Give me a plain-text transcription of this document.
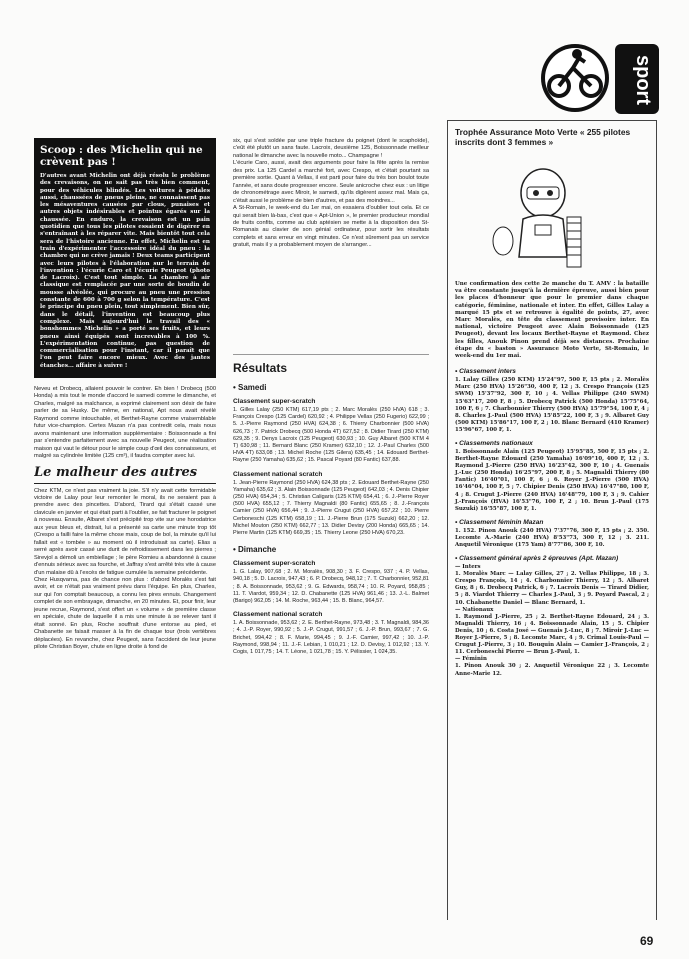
sport
Scoop : des Michelin qui ne crèvent pas !

D'autres avant Michelin ont déjà résolu le problème des crevaisons, on ne sait pas très bien comment, pour des véhicules blindés. Les voitures à pédales aussi, chaussées de pneus pleins, ne connaissent pas les mésaventures causées par clous, punaises et autres objets indésirables et pointus égarés sur la chaussée. En enduro, la crevaison est un pain quotidien que tous les pilotes essaient de digérer en s'entraînant à les réparer vite. Mais bientôt tout cela sera de l'histoire ancienne. En effet, Michelin est en train d'expérimenter l'accessoire idéal du pneu : la chambre qui ne crève jamais ! Deux teams participent avec leurs pilotes à l'élaboration sur le terrain de l'invention : l'écurie Caro et l'écurie Peugeot (photo de Lacroix). C'est tout simple. La chambre à air classique est remplacée par une sorte de boudin de mousse alvéolée, qui procure au pneu une pression constante de 600 à 700 g selon la température. C'est le principe du pneu plein, tout simplement. Bien sûr, dans le détail, l'invention est beaucoup plus complexe. Mais aujourd'hui le travail des « bonshommes Michelin » a porté ses fruits, et leurs pneus ainsi équipés sont increvables à 100 %. L'expérimentation continue, pas question de commercialisation pour l'instant, car il paraît que l'on peut faire encore mieux. Avec des jantes étanches... affaire à suivre !

Neveu et Drobecq, allaient pouvoir le contrer. Eh bien ! Drobecq (500 Honda) a mis tout le monde d'accord le samedi comme le dimanche, et Charles, malgré sa malchance, a exprimé clairement son désir de faire parler de sa Husky. De même, en national, Apt nous avait révélé Raymond comme intouchable, et Berthet-Rayne comme vraisemblable futur vice-champion. Certes Mazan n'a pas contredit cela, mais nous avons maintenant une information supplémentaire : Boissonnade a fini par s'entendre parfaitement avec sa nouvelle Peugeot, une réalisation maison qui vaut le détour pour le simple coup d'œil des connaisseurs, et malgré sa cylindrée limitée (125 cm³), il faudra compter avec lui.

Le malheur des autres

Chez KTM, ce n'est pas vraiment la joie. S'il n'y avait cette formidable victoire de Lalay pour leur remonter le moral, ils ne seraient pas à prendre avec des pincettes. D'abord, Tirard qui s'était cassé une clavicule en janvier et qui était parti à l'oublier, se fait fracturer le poignet à nouveau. Ensuite, Albaret s'est précipité trop vite sur une horodatrice aux yeux bleus et, distrait, lui a présenté sa carte une minute trop tôt (Crespo a failli faire la même chose mais, coup de bol, la minute qu'il lui fallait est « tombée » au moment où il introduisait sa carte). Elias a serré après avoir cassé une durit de refroidissement dans les pierres ; Sirevjol a démoli un embiellage ; le père Romieu a abandonné à cause d'ennuis sérieux avec sa fourche, et Jaffray s'est arrêté très vite à cause d'un malaise dû à l'excès de fatigue cumulée la semaine précédente.
Chez Husqvarna, pas de chance non plus : d'abord Moralès s'est fait avoir, et ce n'était pas vraiment prévu dans l'équipe. En plus, Charles, sur qui l'on comptait beaucoup, a connu les pires ennuis. Changement complet de son embrayage, dimanche, en 20 minutes. Et, pour finir, leur jeune recrue, Raymond, s'est offert un « volume » de première classe en spéciale, chute de laquelle il a mis une minute à se relever tant il était sonné. En plus, Roche souffrait d'une entorse au pied, et Chabanette se faisait masser à la fin de chaque tour (trois vertèbres déplacées). En revanche, chez Peugeot, sans l'accident de leur jeune pilote Christian Boyer, chute en ligne droite à fond de

six, qui s'est soldée par une triple fracture du poignet (dont le scaphoïde), c'eût été plutôt un sans faute. Lacroix, deuxième 125, Boissonnade meilleur national le dimanche avec la nouvelle moto... Champagne !
L'écurie Caro, aussi, avait des arguments pour faire la fête après la remise des prix. La 125 Cardel a marché fort, avec Crespo, et c'était pourtant sa première sortie. Quant à Vellas, il est parti pour faire du très bon boulot toute l'année, et sans doute progresser encore. Seule anicroche chez eux : un litige de chronométrage avec Miroir, le samedi, qu'ils digèrent assez mal. Mais ça, c'était aussi le problème de bien d'autres, et pas des moindres...
A St-Romain, le week-end du 1er mai, on essaiera d'oublier tout cela. Et ce qui serait bien là-bas, c'est que « Apt-Union », le premier producteur mondial de fruits confits, comme au club aptésien se mette à la disposition des St-Romanais au clavier de son génial ordinateur, pour sortir les résultats complets et sans erreur en vingt minutes. Ce n'est sûrement pas un service gratuit, mais il y a probablement moyen de s'arranger...

Résultats
• Samedi
Classement super-scratch

1. Gilles Lalay (250 KTM) 617,19 pts ; 2. Marc Moralès (250 HVA) 618 ; 3. François Crespo (125 Cardel) 620,92 ; 4. Philippe Vellas (250 Fugerio) 622,99 ; 5. J.-Pierre Raymond (250 HVA) 624,38 ; 6. Thierry Charbonnier (500 HVA) 626,73 ; 7. Patrick Drobecq (500 Honda 4T) 627,52 ; 8. Didier Tirard (250 KTM) 629,35 ; 9. Denys Lacroix (125 Peugeot) 630,93 ; 10. Guy Albaret (500 KTM 4 T) 630,98 ; 11. Bernard Blanc (250 Kramer) 632,10 ; 12. J.-Paul Charles (500 HVA 4T) 633,08 ; 13. Michel Roche (125 Gilera) 635,45 ; 14. Edouard Berthet-Rayne (250 Yamaha) 635,62 ; 15. Pascal Poyard (80 Fantic) 637,88.

Classement national scratch

1. Jean-Pierre Raymond (250 HVA) 624,38 pts ; 2. Edouard Berthet-Rayne (250 Yamaha) 635,62 ; 3. Alain Boissonnade (125 Peugeot) 642,03 ; 4. Denis Chipier (250 HVA) 654,34 ; 5. Christian Caligaris (125 KTM) 654,41 ; 6. J.-Pierre Royer (500 HVA) 655,12 ; 7. Thierry Magnaldi (80 Fantic) 655,65 ; 8. J.-François Camier (250 HVA) 656,44 ; 9. J.-Pierre Crugut (250 HVA) 657,22 ; 10. Pierre Cerboneschi (125 KTM) 658,19 ; 11. J.-Pierre Brun (175 Suzuki) 662,20 ; 12. Michel Mouton (250 KTM) 662,77 ; 13. Didier Devisy (200 Honda) 665,65 ; 14. Pierre Martin (125 KTM) 669,35 ; 15. Thierry Leone (250 HVA) 670,23.

• Dimanche
Classement super-scratch

1. G. Lalay, 907,68 ; 2. M. Moralès, 908,30 ; 3. F. Crespo, 937 ; 4. P. Vellas, 940,18 ; 5. D. Lacroix, 947,43 ; 6. P. Drobecq, 948,12 ; 7. T. Charbonnier, 952,81 ; 8. A. Boissonnade, 953,62 ; 9. G. Edwards, 958,74 ; 10. R. Poyard, 958,85 ; 11. T. Viardot, 959,34 ; 12. D. Chabanette (125 HVA) 961,46 ; 13. J.-L. Balmet (Barigo) 962,05 ; 14. M. Roche, 963,44 ; 15. B. Blanc, 964,57.

Classement national scratch

1. A. Boissonnade, 953,62 ; 2. E. Berthet-Rayne, 973,48 ; 3. T. Magnaldi, 984,36 ; 4. J.-P. Royer, 990,92 ; 5. J.-P. Crugut, 991,57 ; 6. J.-P. Brun, 993,67 ; 7. G. Brichet, 994,42 ; 8. F. Marie, 994,45 ; 9. J.-F. Camier, 997,42 ; 10. J.-P. Raymond, 998,94 ; 11. J.-F. Lebian, 1 010,21 ; 12. D. Devisy, 1 012,92 ; 13. Y. Cogis, 1 017,75 ; 14. T. Léone, 1 021,78 ; 15. Y. Pélissier, 1 024,35.

Trophée Assurance Moto Verte « 255 pilotes inscrits dont 3 femmes »

Une confirmation des cette 2e manche du T. AMV : la bataille va être constante jusqu'à la dernière épreuve, aussi bien pour les places d'honneur que pour le premier dans chaque catégorie, féminine, nationale et inter. En effet, Gilles Lalay a marqué 15 pts et se retrouve à égalité de points, 27, avec Marc Moralès, en tête du classement provisoire inter. En national, victoire Peugeot avec Alain Boissonnade (125 Peugeot), devant les locaux Berthet-Rayne et Raymond. Chez les filles, Anouk Pinon prend déjà ses distances. Prochaine étape du « baston » Assurance Moto Verte, St-Romain, le week-end du 1er mai.

• Classement inters

1. Lalay Gilles (250 KTM) 15'24"97, 500 F, 15 pts ; 2. Moralès Marc (250 HVA) 15'26"30, 400 F, 12 ; 3. Crespo François (125 SWM) 15'37"92, 300 F, 10 ; 4. Vellas Philippe (240 SWM) 15'63"17, 200 F, 8 ; 5. Drobecq Patrick (500 Honda) 15'75"64, 100 F, 6 ; 7. Charbonnier Thierry (500 HVA) 15'79"54, 100 F, 4 ; 8. Charles J.-Paul (500 HVA) 15'85"22, 100 F, 3 ; 9. Albaret Guy (500 KTM) 15'86"17, 100 F, 2 ; 10. Blanc Bernard (410 Kramer) 15'96"67, 100 F, 1.

• Classements nationaux

1. Boissonnade Alain (125 Peugeot) 15'95"85, 500 F, 15 pts ; 2. Berthet-Rayne Edouard (250 Yamaha) 16'09"10, 400 F, 12 ; 3. Raymond J.-Pierre (250 HVA) 16'23"42, 300 F, 10 ; 4. Guenais J.-Luc (250 Honda) 16'25"97, 200 F, 8 ; 5. Magnaldi Thierry (80 Fantic) 16'40"01, 100 F, 6 ; 6. Royer J.-Pierre (500 HVA) 16'46"04, 100 F, 5 ; 7. Chipier Denis (250 HVA) 16'47"80, 100 F, 4 ; 8. Crugut J.-Pierre (240 HVA) 16'48"79, 100 F, 3 ; 9. Cahier J.-François (HVA) 16'53"76, 100 F, 2 ; 10. Brun J.-Paul (175 Suzuki) 16'55"87, 100 F, 1.

• Classement féminin Mazan

1. 152. Pinon Anouk (240 HVA) 7'37"76, 300 F, 15 pts ; 2. 350. Lecomte A.-Marie (240 HVA) 8'53"73, 300 F, 12 ; 3. 211. Anquetil Véronique (175 Yam) 8'77"86, 300 F, 10.

• Classement général après 2 épreuves (Apt. Mazan)

— Inters
1. Moralès Marc — Lalay Gilles, 27 ; 2. Vellas Philippe, 18 ; 3. Crespo François, 14 ; 4. Charbonnier Thierry, 12 ; 5. Albaret Guy, 8 ; 6. Drobecq Patrick, 6 ; 7. Lacroix Denis — Tirard Didier, 5 ; 8. Viardot Thierry — Charles J.-Paul, 3 ; 9. Poyard Pascal, 2 ; 10. Chabanette Daniel — Blanc Bernard, 1.
— Nationaux
1. Raymond J.-Pierre, 25 ; 2. Berthet-Rayne Edouard, 24 ; 3. Magnaldi Thierry, 16 ; 4. Boissonnade Alain, 15 ; 5. Chipier Denis, 10 ; 6. Costa José — Guenais J.-Luc, 8 ; 7. Miroir J.-Luc — Royer J.-Pierre, 5 ; 8. Lecomte Marc, 4 ; 9. Crimal Louis-Paul — Crugut J.-Pierre, 3 ; 10. Bouquin Alain — Camier J.-François, 2 ; 11. Cerboneschi Pierre — Brun J.-Paul, 1.
— Féminin
1. Pinon Anouk 30 ; 2. Anquetil Véronique 22 ; 3. Lecomte Anne-Marie 12.

69
